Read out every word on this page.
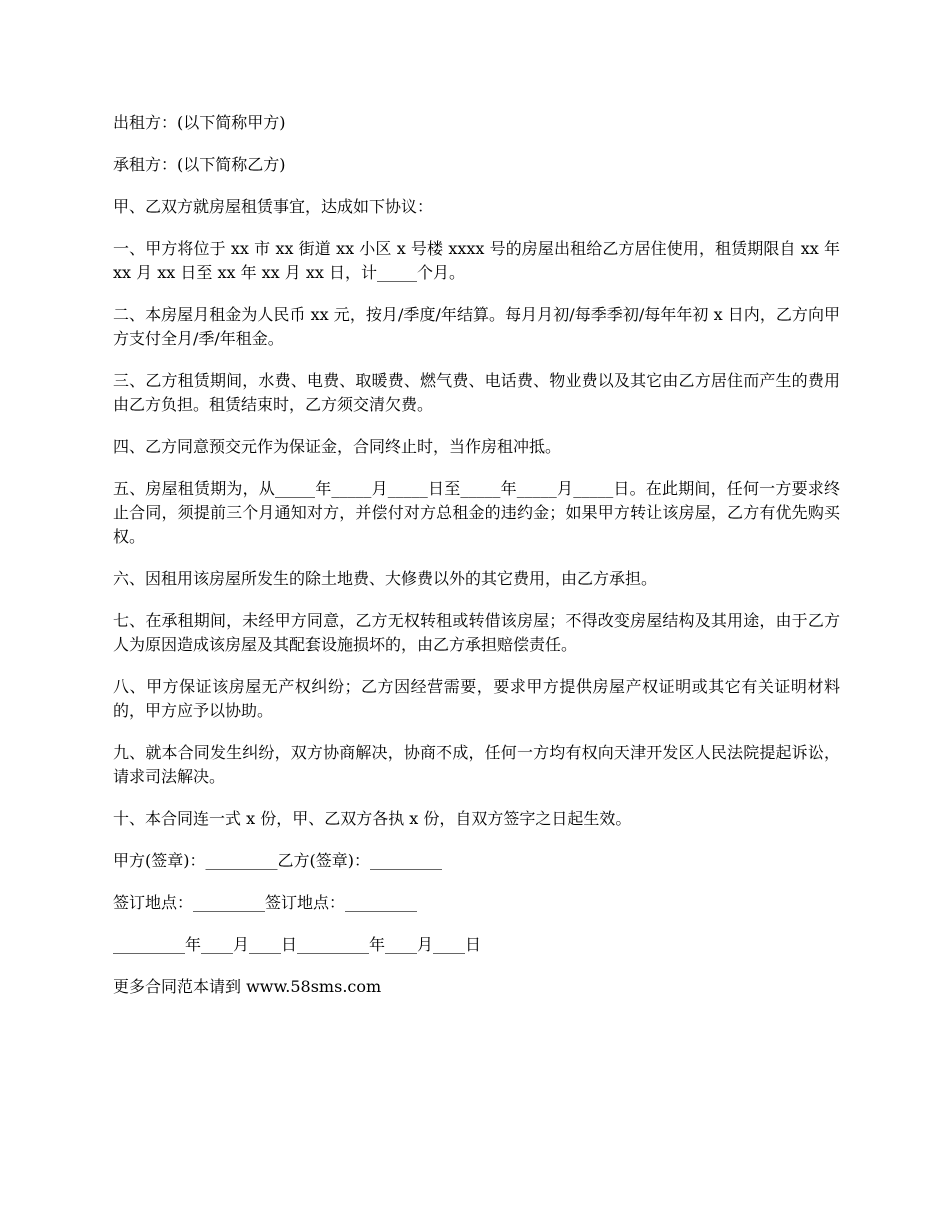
出租方：(以下简称甲方)

承租方：(以下简称乙方)

甲、乙双方就房屋租赁事宜，达成如下协议：

一、甲方将位于 xx 市 xx 街道 xx 小区 x 号楼 xxxx 号的房屋出租给乙方居住使用，租赁期限自 xx 年 xx 月 xx 日至 xx 年 xx 月 xx 日，计_____个月。

二、本房屋月租金为人民币 xx 元，按月/季度/年结算。每月月初/每季季初/每年年初 x 日内，乙方向甲方支付全月/季/年租金。

三、乙方租赁期间，水费、电费、取暖费、燃气费、电话费、物业费以及其它由乙方居住而产生的费用由乙方负担。租赁结束时，乙方须交清欠费。

四、乙方同意预交元作为保证金，合同终止时，当作房租冲抵。

五、房屋租赁期为，从_____年_____月_____日至_____年_____月_____日。在此期间，任何一方要求终止合同，须提前三个月通知对方，并偿付对方总租金的违约金；如果甲方转让该房屋，乙方有优先购买权。

六、因租用该房屋所发生的除土地费、大修费以外的其它费用，由乙方承担。

七、在承租期间，未经甲方同意，乙方无权转租或转借该房屋；不得改变房屋结构及其用途，由于乙方人为原因造成该房屋及其配套设施损坏的，由乙方承担赔偿责任。

八、甲方保证该房屋无产权纠纷；乙方因经营需要，要求甲方提供房屋产权证明或其它有关证明材料的，甲方应予以协助。

九、就本合同发生纠纷，双方协商解决，协商不成，任何一方均有权向天津开发区人民法院提起诉讼，请求司法解决。

十、本合同连一式 x 份，甲、乙双方各执 x 份，自双方签字之日起生效。

甲方(签章)：_________乙方(签章)：_________

签订地点：_________签订地点：_________

_________年____月____日_________年____月____日

更多合同范本请到 www.58sms.com
